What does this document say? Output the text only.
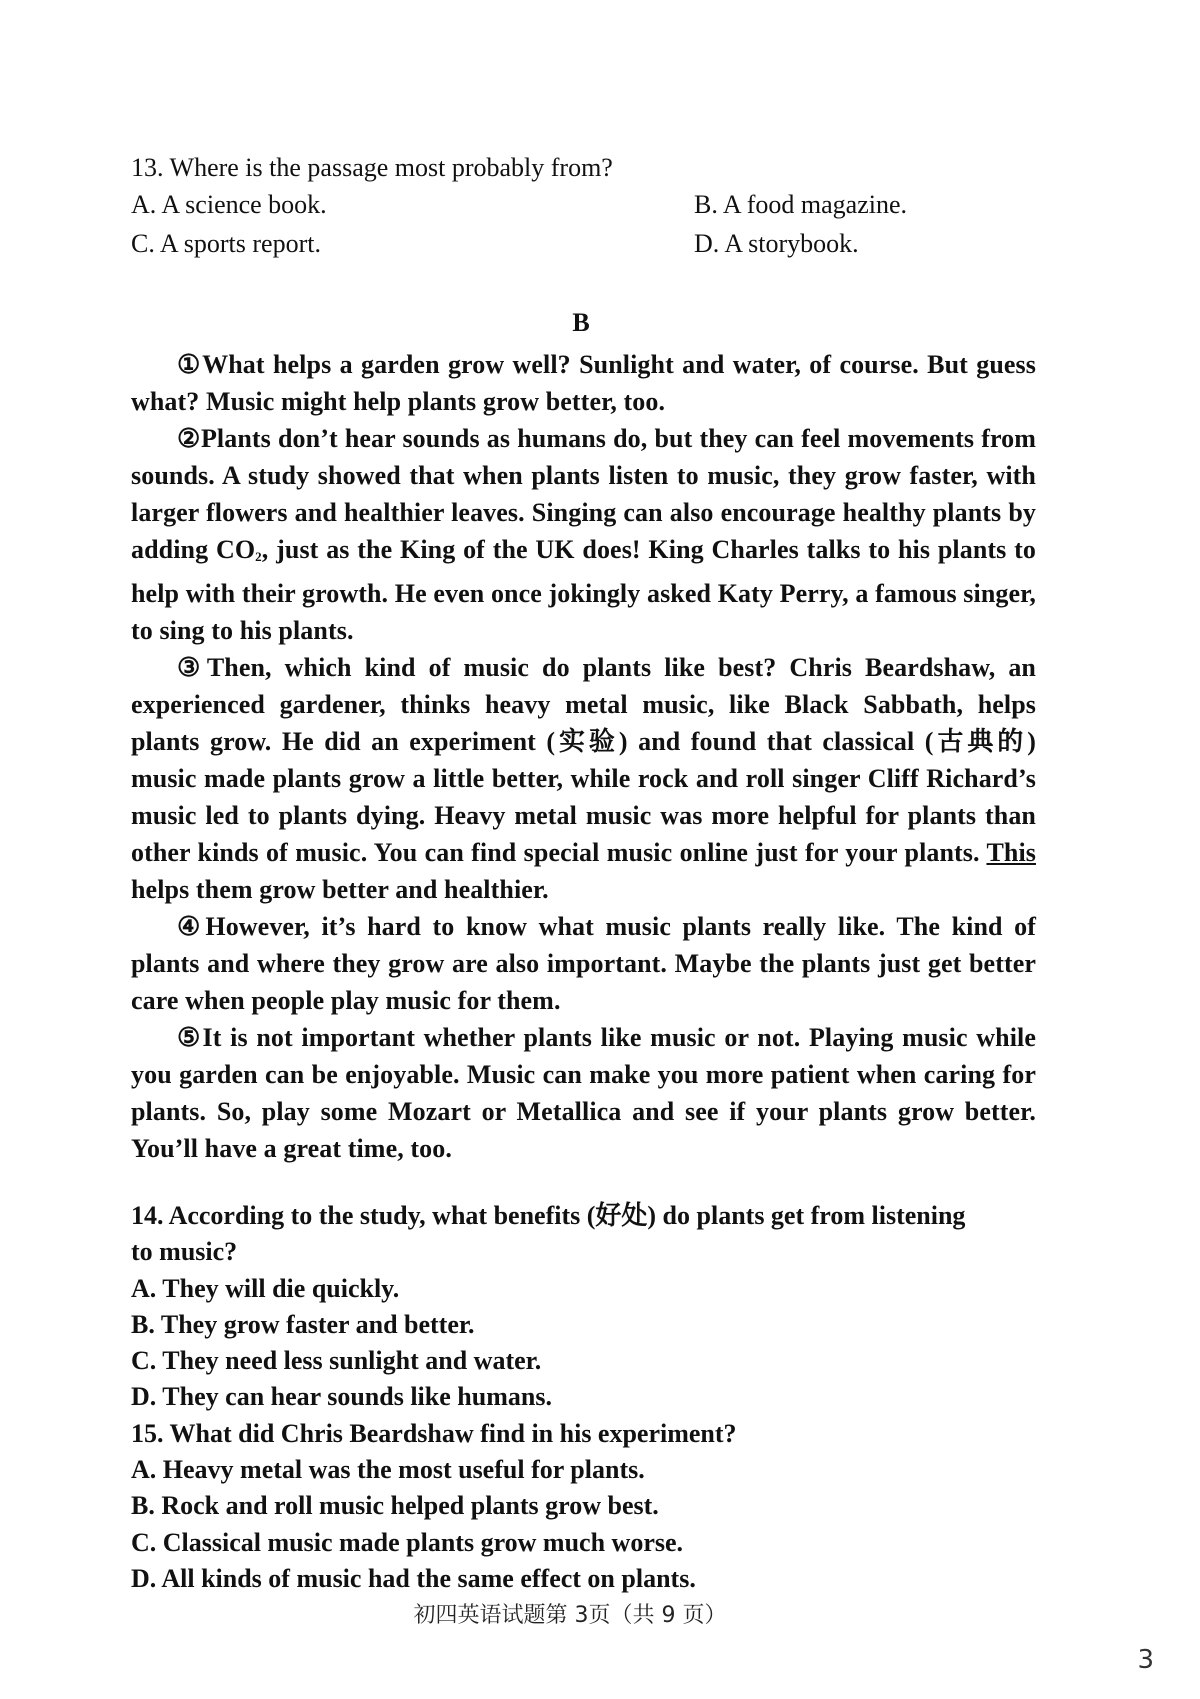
13. Where is the passage most probably from?
A. A science book.	B. A food magazine.
C. A sports report.	D. A storybook.
B

①What helps a garden grow well? Sunlight and water, of course. But guess what? Music might help plants grow better, too.

②Plants don’t hear sounds as humans do, but they can feel movements from sounds. A study showed that when plants listen to music, they grow faster, with larger flowers and healthier leaves. Singing can also encourage healthy plants by adding $CO_2$, just as the King of the UK does! King Charles talks to his plants to help with their growth. He even once jokingly asked Katy Perry, a famous singer, to sing to his plants.

③Then, which kind of music do plants like best? Chris Beardshaw, an experienced gardener, thinks heavy metal music, like Black Sabbath, helps plants grow. He did an experiment (实验) and found that classical (古典的) music made plants grow a little better, while rock and roll singer Cliff Richard’s music led to plants dying. Heavy metal music was more helpful for plants than other kinds of music. You can find special music online just for your plants. This helps them grow better and healthier.

④However, it’s hard to know what music plants really like. The kind of plants and where they grow are also important. Maybe the plants just get better care when people play music for them.

⑤It is not important whether plants like music or not. Playing music while you garden can be enjoyable. Music can make you more patient when caring for plants. So, play some Mozart or Metallica and see if your plants grow better. You’ll have a great time, too.

14. According to the study, what benefits (好处) do plants get from listening
to music?
A. They will die quickly.
B. They grow faster and better.
C. They need less sunlight and water.
D. They can hear sounds like humans.
15. What did Chris Beardshaw find in his experiment?
A. Heavy metal was the most useful for plants.
B. Rock and roll music helped plants grow best.
C. Classical music made plants grow much worse.
D. All kinds of music had the same effect on plants.
初四英语试题第 3页（共 9 页）
3
